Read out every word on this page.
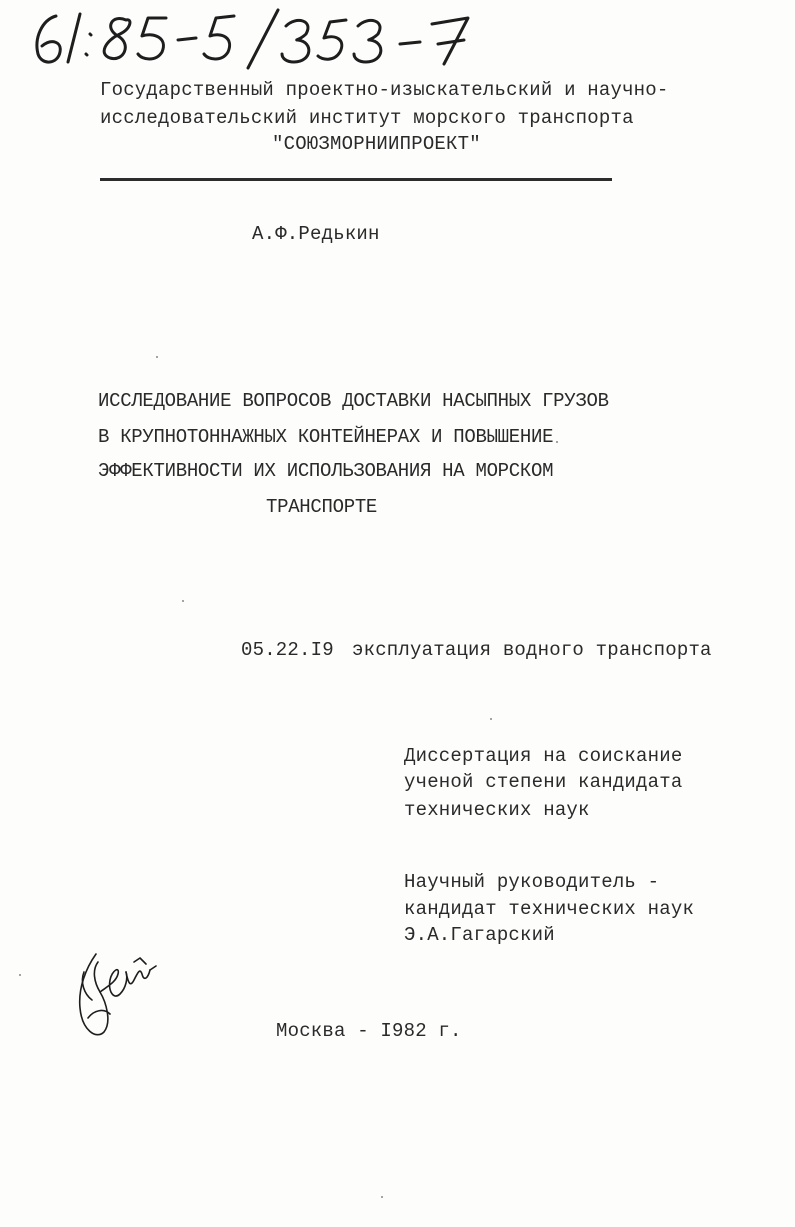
Государственный проектно-изыскательский и научно-
исследовательский институт морского транспорта
"СОЮЗМОРНИИПРОЕКТ"
А.Ф.Редькин
ИССЛЕДОВАНИЕ ВОПРОСОВ ДОСТАВКИ НАСЫПНЫХ ГРУЗОВ
В КРУПНОТОННАЖНЫХ КОНТЕЙНЕРАХ И ПОВЫШЕНИЕ
ЭФФЕКТИВНОСТИ ИХ ИСПОЛЬЗОВАНИЯ НА МОРСКОМ
ТРАНСПОРТЕ
05.22.I9 эксплуатация водного транспорта
Диссертация на соискание
ученой степени кандидата
технических наук
Научный руководитель -
кандидат технических наук
Э.А.Гагарский
Москва - I982 г.
